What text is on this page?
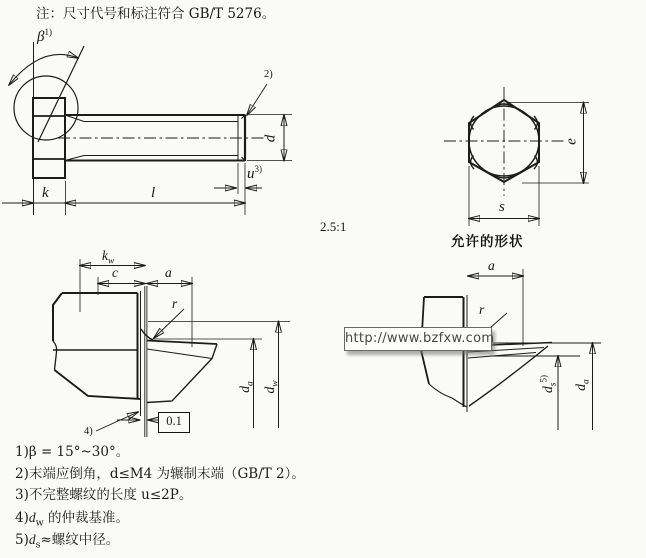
注：尺寸代号和标注符合 GB/T 5276。
$\beta^{1)}$
2)
k	l
d
$u^{3)}$
2.5:1
e
s
允许的形状
$k_w$
c	a
r
$d_a$
$d_w$
4)
0.1
a
r
$d_s^{5)}$
$d_a$
http://www.bzfxw.com
1)β = 15°~30°。
2)末端应倒角，d≤M4 为辗制末端（GB/T 2）。
3)不完整螺纹的长度 u≤2P。
$4)d_w$ 的仲裁基准。
$5)d_s\approx$螺纹中径。
